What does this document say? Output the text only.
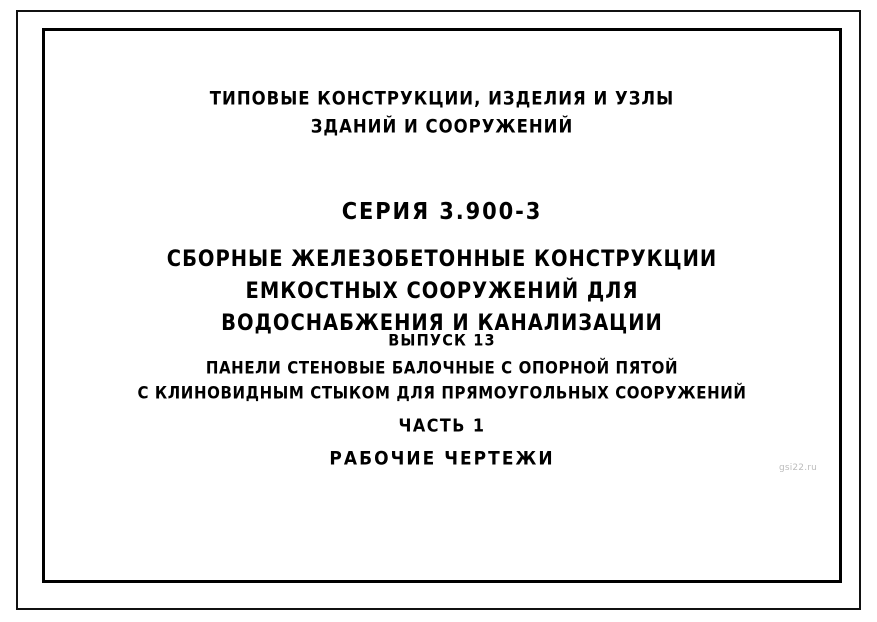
ТИПОВЫЕ КОНСТРУКЦИИ, ИЗДЕЛИЯ И УЗЛЫ
ЗДАНИЙ И СООРУЖЕНИЙ
СЕРИЯ 3.900-3
СБОРНЫЕ ЖЕЛЕЗОБЕТОННЫЕ КОНСТРУКЦИИ
ЕМКОСТНЫХ СООРУЖЕНИЙ ДЛЯ
ВОДОСНАБЖЕНИЯ И КАНАЛИЗАЦИИ
ВЫПУСК 13
ПАНЕЛИ СТЕНОВЫЕ БАЛОЧНЫЕ С ОПОРНОЙ ПЯТОЙ
С КЛИНОВИДНЫМ СТЫКОМ ДЛЯ ПРЯМОУГОЛЬНЫХ СООРУЖЕНИЙ
ЧАСТЬ 1
РАБОЧИЕ ЧЕРТЕЖИ	gsi22.ru
